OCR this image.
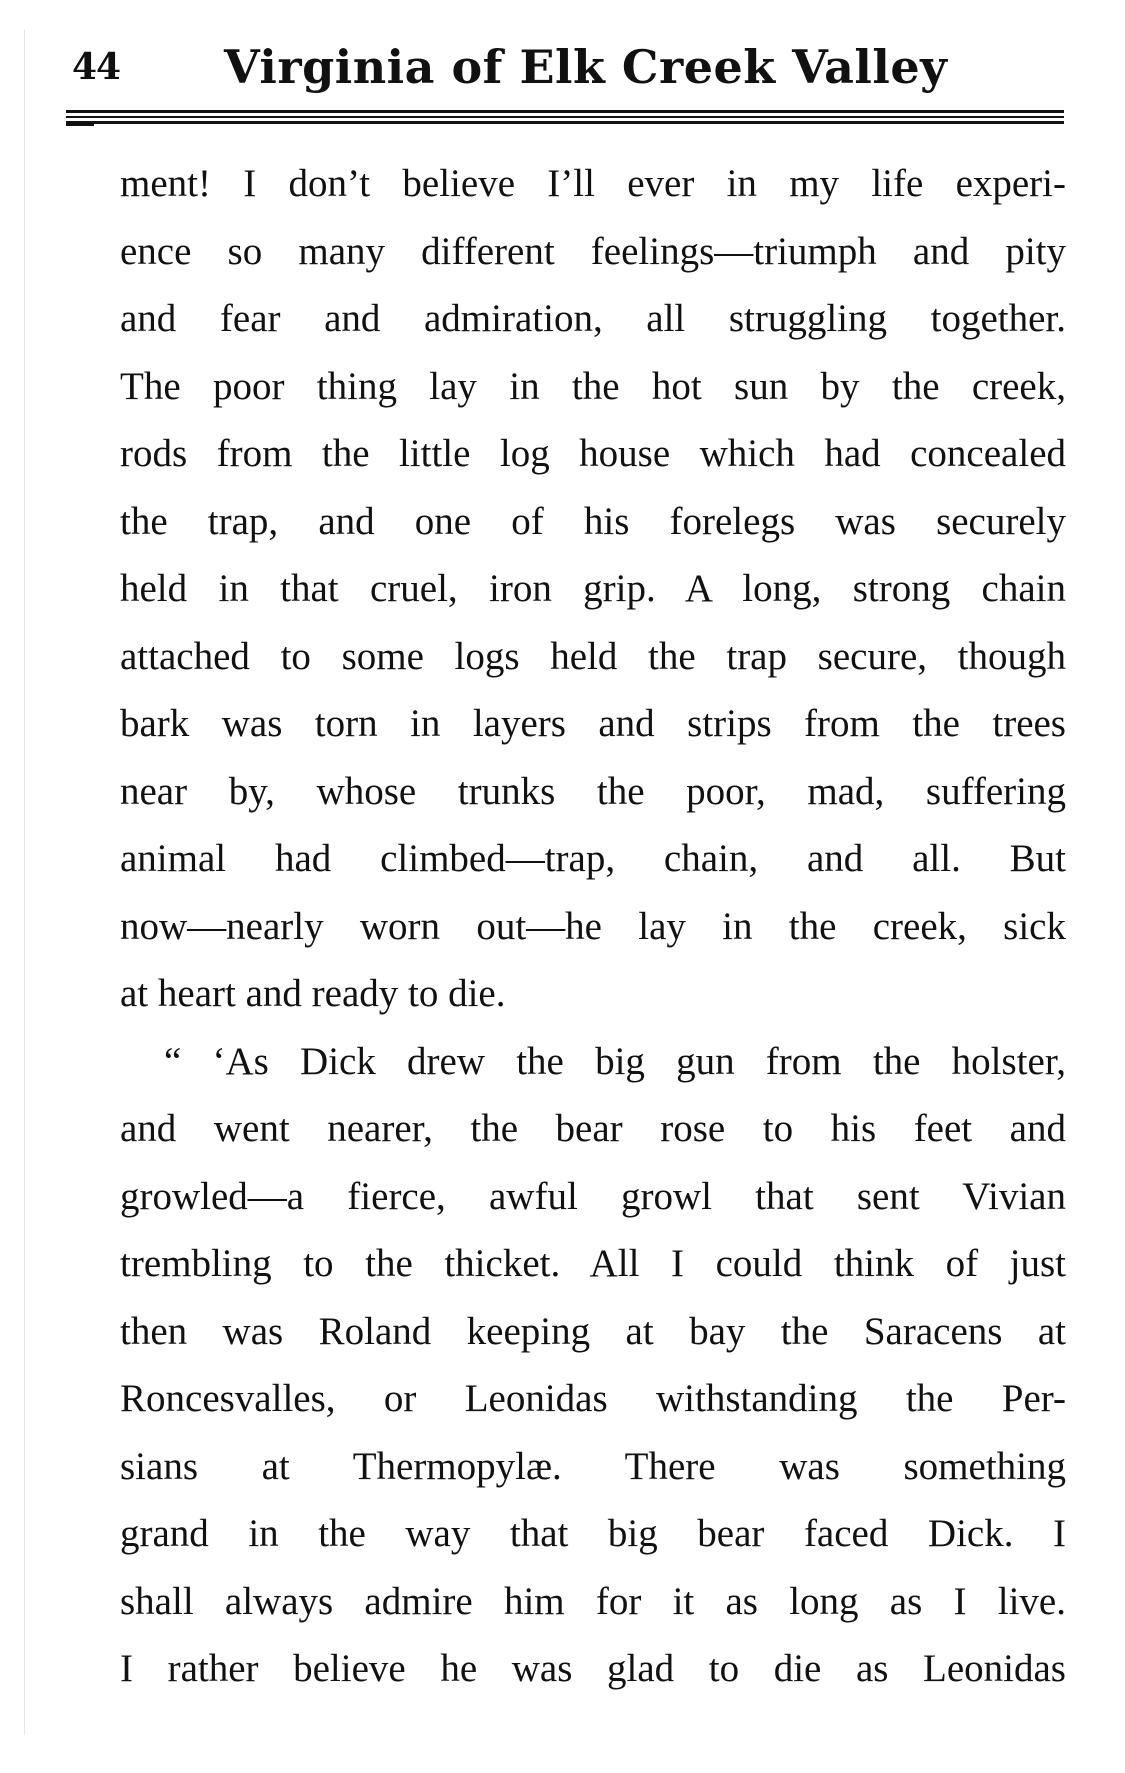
44 Virginia of Elk Creek Valley
ment! I don’t believe I’ll ever in my life experi-
ence so many different feelings—triumph and pity
and fear and admiration, all struggling together.
The poor thing lay in the hot sun by the creek,
rods from the little log house which had concealed
the trap, and one of his forelegs was securely
held in that cruel, iron grip. A long, strong chain
attached to some logs held the trap secure, though
bark was torn in layers and strips from the trees
near by, whose trunks the poor, mad, suffering
animal had climbed—trap, chain, and all. But
now—nearly worn out—he lay in the creek, sick
at heart and ready to die.
“ ‘As Dick drew the big gun from the holster,
and went nearer, the bear rose to his feet and
growled—a fierce, awful growl that sent Vivian
trembling to the thicket. All I could think of just
then was Roland keeping at bay the Saracens at
Roncesvalles, or Leonidas withstanding the Per-
sians at Thermopylæ. There was something
grand in the way that big bear faced Dick. I
shall always admire him for it as long as I live.
I rather believe he was glad to die as Leonidas
